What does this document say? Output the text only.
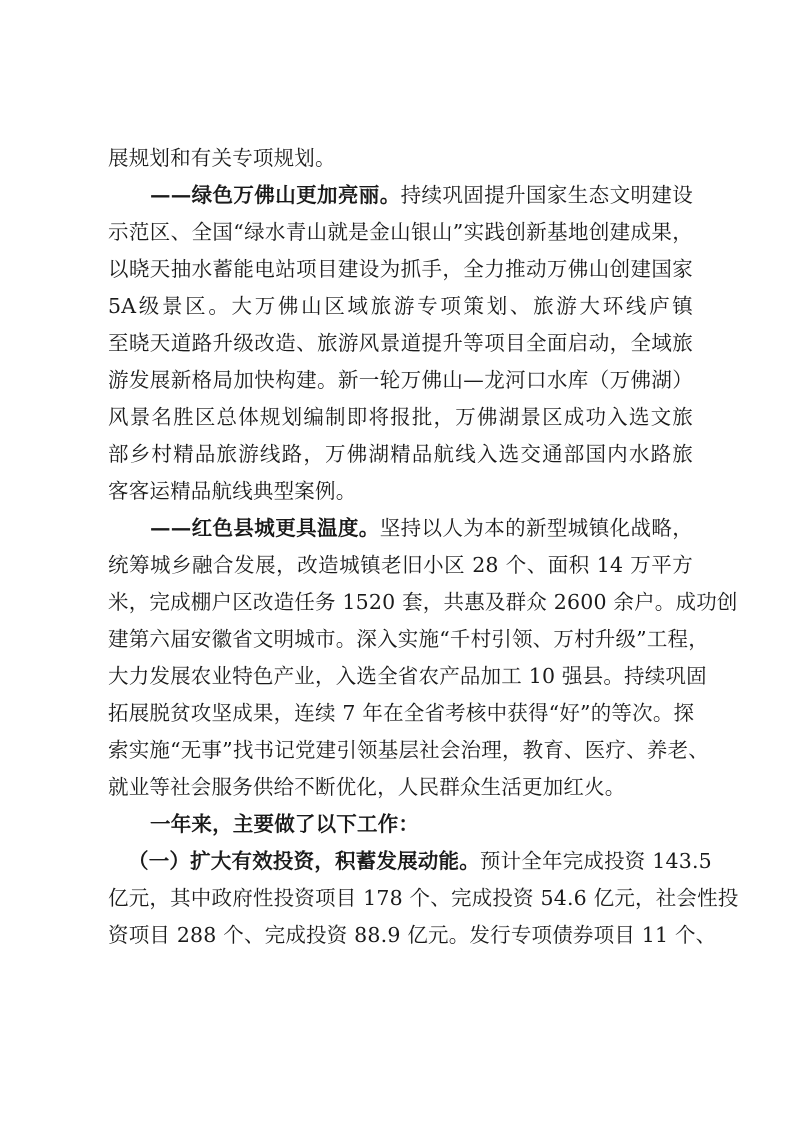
展规划和有关专项规划。
——绿色万佛山更加亮丽。持续巩固提升国家生态文明建设
示范区、全国“绿水青山就是金山银山”实践创新基地创建成果，
以晓天抽水蓄能电站项目建设为抓手，全力推动万佛山创建国家
5A级景区。大万佛山区域旅游专项策划、旅游大环线庐镇
至晓天道路升级改造、旅游风景道提升等项目全面启动，全域旅
游发展新格局加快构建。新一轮万佛山—龙河口水库（万佛湖）
风景名胜区总体规划编制即将报批，万佛湖景区成功入选文旅
部乡村精品旅游线路，万佛湖精品航线入选交通部国内水路旅
客客运精品航线典型案例。
——红色县城更具温度。坚持以人为本的新型城镇化战略，
统筹城乡融合发展，改造城镇老旧小区 28 个、面积 14 万平方
米，完成棚户区改造任务 1520 套，共惠及群众 2600 余户。成功创
建第六届安徽省文明城市。深入实施“千村引领、万村升级”工程，
大力发展农业特色产业，入选全省农产品加工 10 强县。持续巩固
拓展脱贫攻坚成果，连续 7 年在全省考核中获得“好”的等次。探
索实施“无事”找书记党建引领基层社会治理，教育、医疗、养老、
就业等社会服务供给不断优化，人民群众生活更加红火。
一年来，主要做了以下工作：
（一）扩大有效投资，积蓄发展动能。预计全年完成投资 143.5
亿元，其中政府性投资项目 178 个、完成投资 54.6 亿元，社会性投
资项目 288 个、完成投资 88.9 亿元。发行专项债券项目 11 个、
